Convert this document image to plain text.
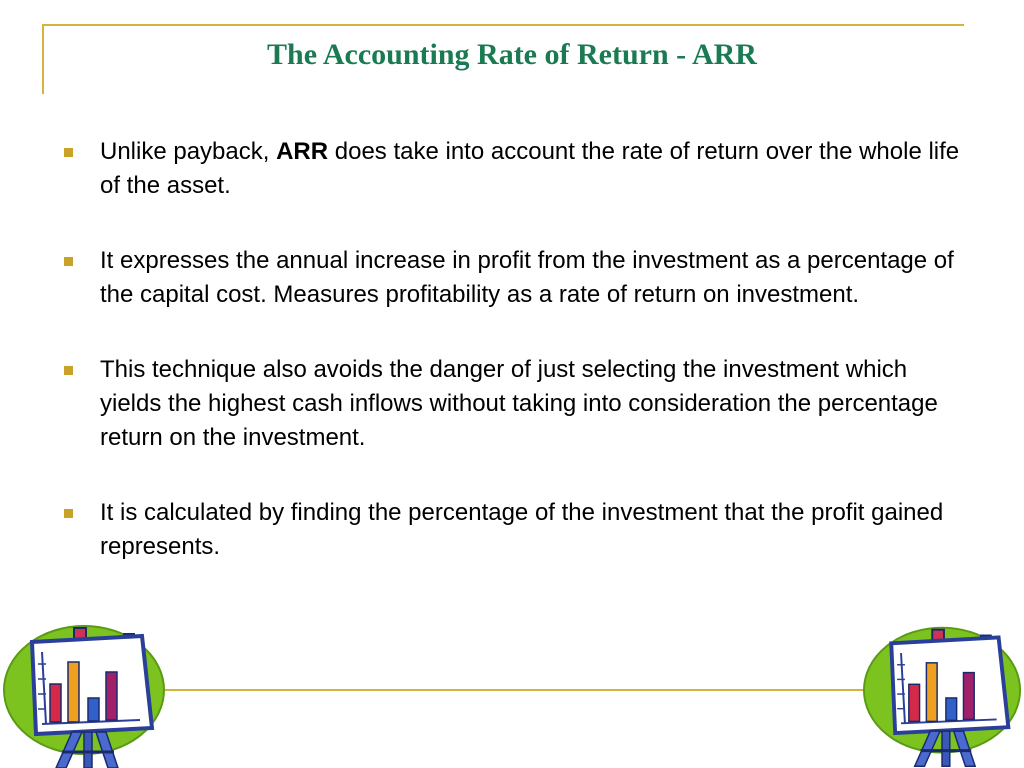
The Accounting Rate of Return - ARR
Unlike payback, ARR does take into account the rate of return over the whole life of the asset.
It expresses the annual increase in profit from the investment as a percentage of the capital cost. Measures profitability as a rate of return on investment.
This technique also avoids the danger of just selecting the investment which yields the highest cash inflows without taking into consideration the percentage return on the investment.
It is calculated by finding the percentage of the investment that the profit gained represents.
